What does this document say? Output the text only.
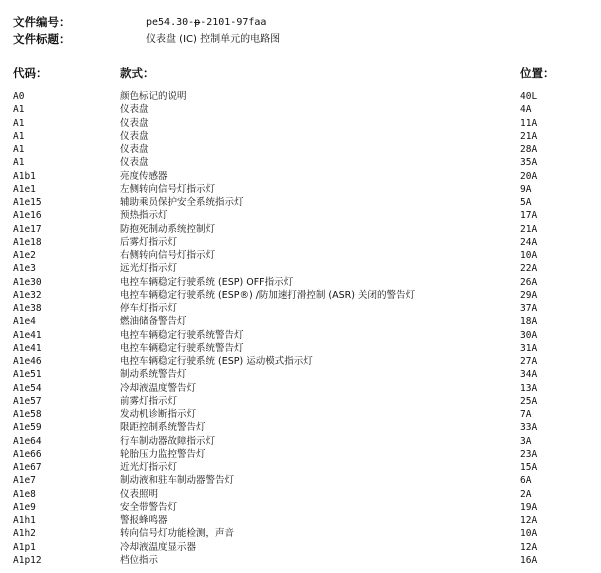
文件编号：	pe54.30-p-2101-97faa
文件标题：	仪表盘 (IC) 控制单元的电路图
代码：	款式：	位置：
A0	颜色标记的说明	40L
A1	仪表盘	4A
A1	仪表盘	11A
A1	仪表盘	21A
A1	仪表盘	28A
A1	仪表盘	35A
A1b1	亮度传感器	20A
A1e1	左侧转向信号灯指示灯	9A
A1e15	辅助乘员保护安全系统指示灯	5A
A1e16	预热指示灯	17A
A1e17	防抱死制动系统控制灯	21A
A1e18	后雾灯指示灯	24A
A1e2	右侧转向信号灯指示灯	10A
A1e3	远光灯指示灯	22A
A1e30	电控车辆稳定行驶系统 (ESP) OFF指示灯	26A
A1e32	电控车辆稳定行驶系统 (ESP®) /防加速打滑控制 (ASR) 关闭的警告灯	29A
A1e38	停车灯指示灯	37A
A1e4	燃油储备警告灯	18A
A1e41	电控车辆稳定行驶系统警告灯	30A
A1e41	电控车辆稳定行驶系统警告灯	31A
A1e46	电控车辆稳定行驶系统 (ESP) 运动模式指示灯	27A
A1e51	制动系统警告灯	34A
A1e54	冷却液温度警告灯	13A
A1e57	前雾灯指示灯	25A
A1e58	发动机诊断指示灯	7A
A1e59	限距控制系统警告灯	33A
A1e64	行车制动器故障指示灯	3A
A1e66	轮胎压力监控警告灯	23A
A1e67	近光灯指示灯	15A
A1e7	制动液和驻车制动器警告灯	6A
A1e8	仪表照明	2A
A1e9	安全带警告灯	19A
A1h1	警报蜂鸣器	12A
A1h2	转向信号灯功能检测，声音	10A
A1p1	冷却液温度显示器	12A
A1p12	档位指示	16A
